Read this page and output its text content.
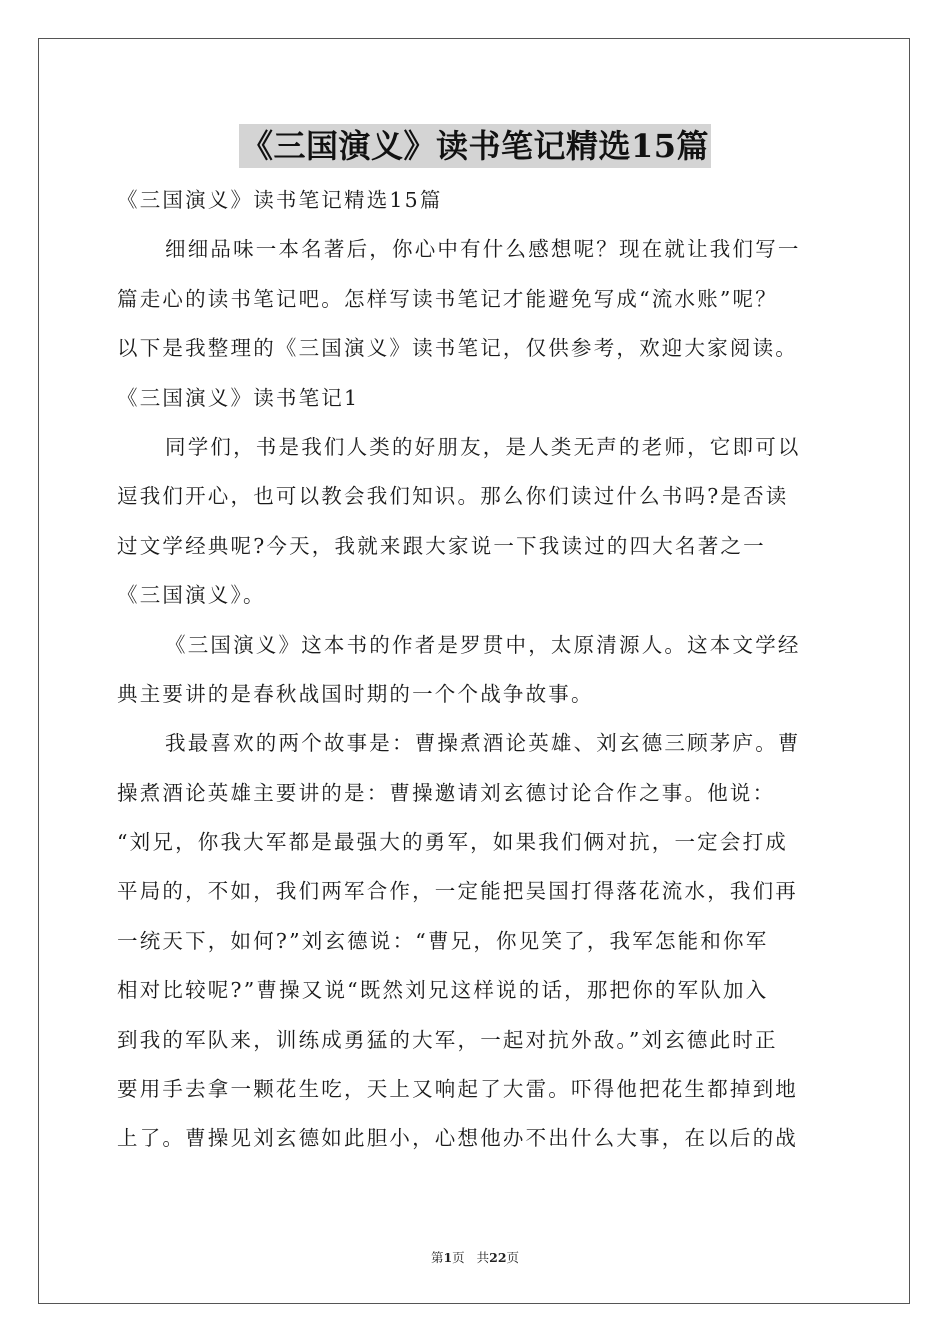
《三国演义》读书笔记精选15篇
《三国演义》读书笔记精选15篇
细细品味一本名著后，你心中有什么感想呢？现在就让我们写一
篇走心的读书笔记吧。怎样写读书笔记才能避免写成“流水账”呢？
以下是我整理的《三国演义》读书笔记，仅供参考，欢迎大家阅读。
《三国演义》读书笔记1
同学们，书是我们人类的好朋友，是人类无声的老师，它即可以
逗我们开心，也可以教会我们知识。那么你们读过什么书吗?是否读
过文学经典呢?今天，我就来跟大家说一下我读过的四大名著之一
《三国演义》。
《三国演义》这本书的作者是罗贯中，太原清源人。这本文学经
典主要讲的是春秋战国时期的一个个战争故事。
我最喜欢的两个故事是：曹操煮酒论英雄、刘玄德三顾茅庐。曹
操煮酒论英雄主要讲的是：曹操邀请刘玄德讨论合作之事。他说：
“刘兄，你我大军都是最强大的勇军，如果我们俩对抗，一定会打成
平局的，不如，我们两军合作，一定能把吴国打得落花流水，我们再
一统天下，如何?”刘玄德说：“曹兄，你见笑了，我军怎能和你军
相对比较呢?”曹操又说“既然刘兄这样说的话，那把你的军队加入
到我的军队来，训练成勇猛的大军，一起对抗外敌。”刘玄德此时正
要用手去拿一颗花生吃，天上又响起了大雷。吓得他把花生都掉到地
上了。曹操见刘玄德如此胆小，心想他办不出什么大事，在以后的战
第1页 共22页
